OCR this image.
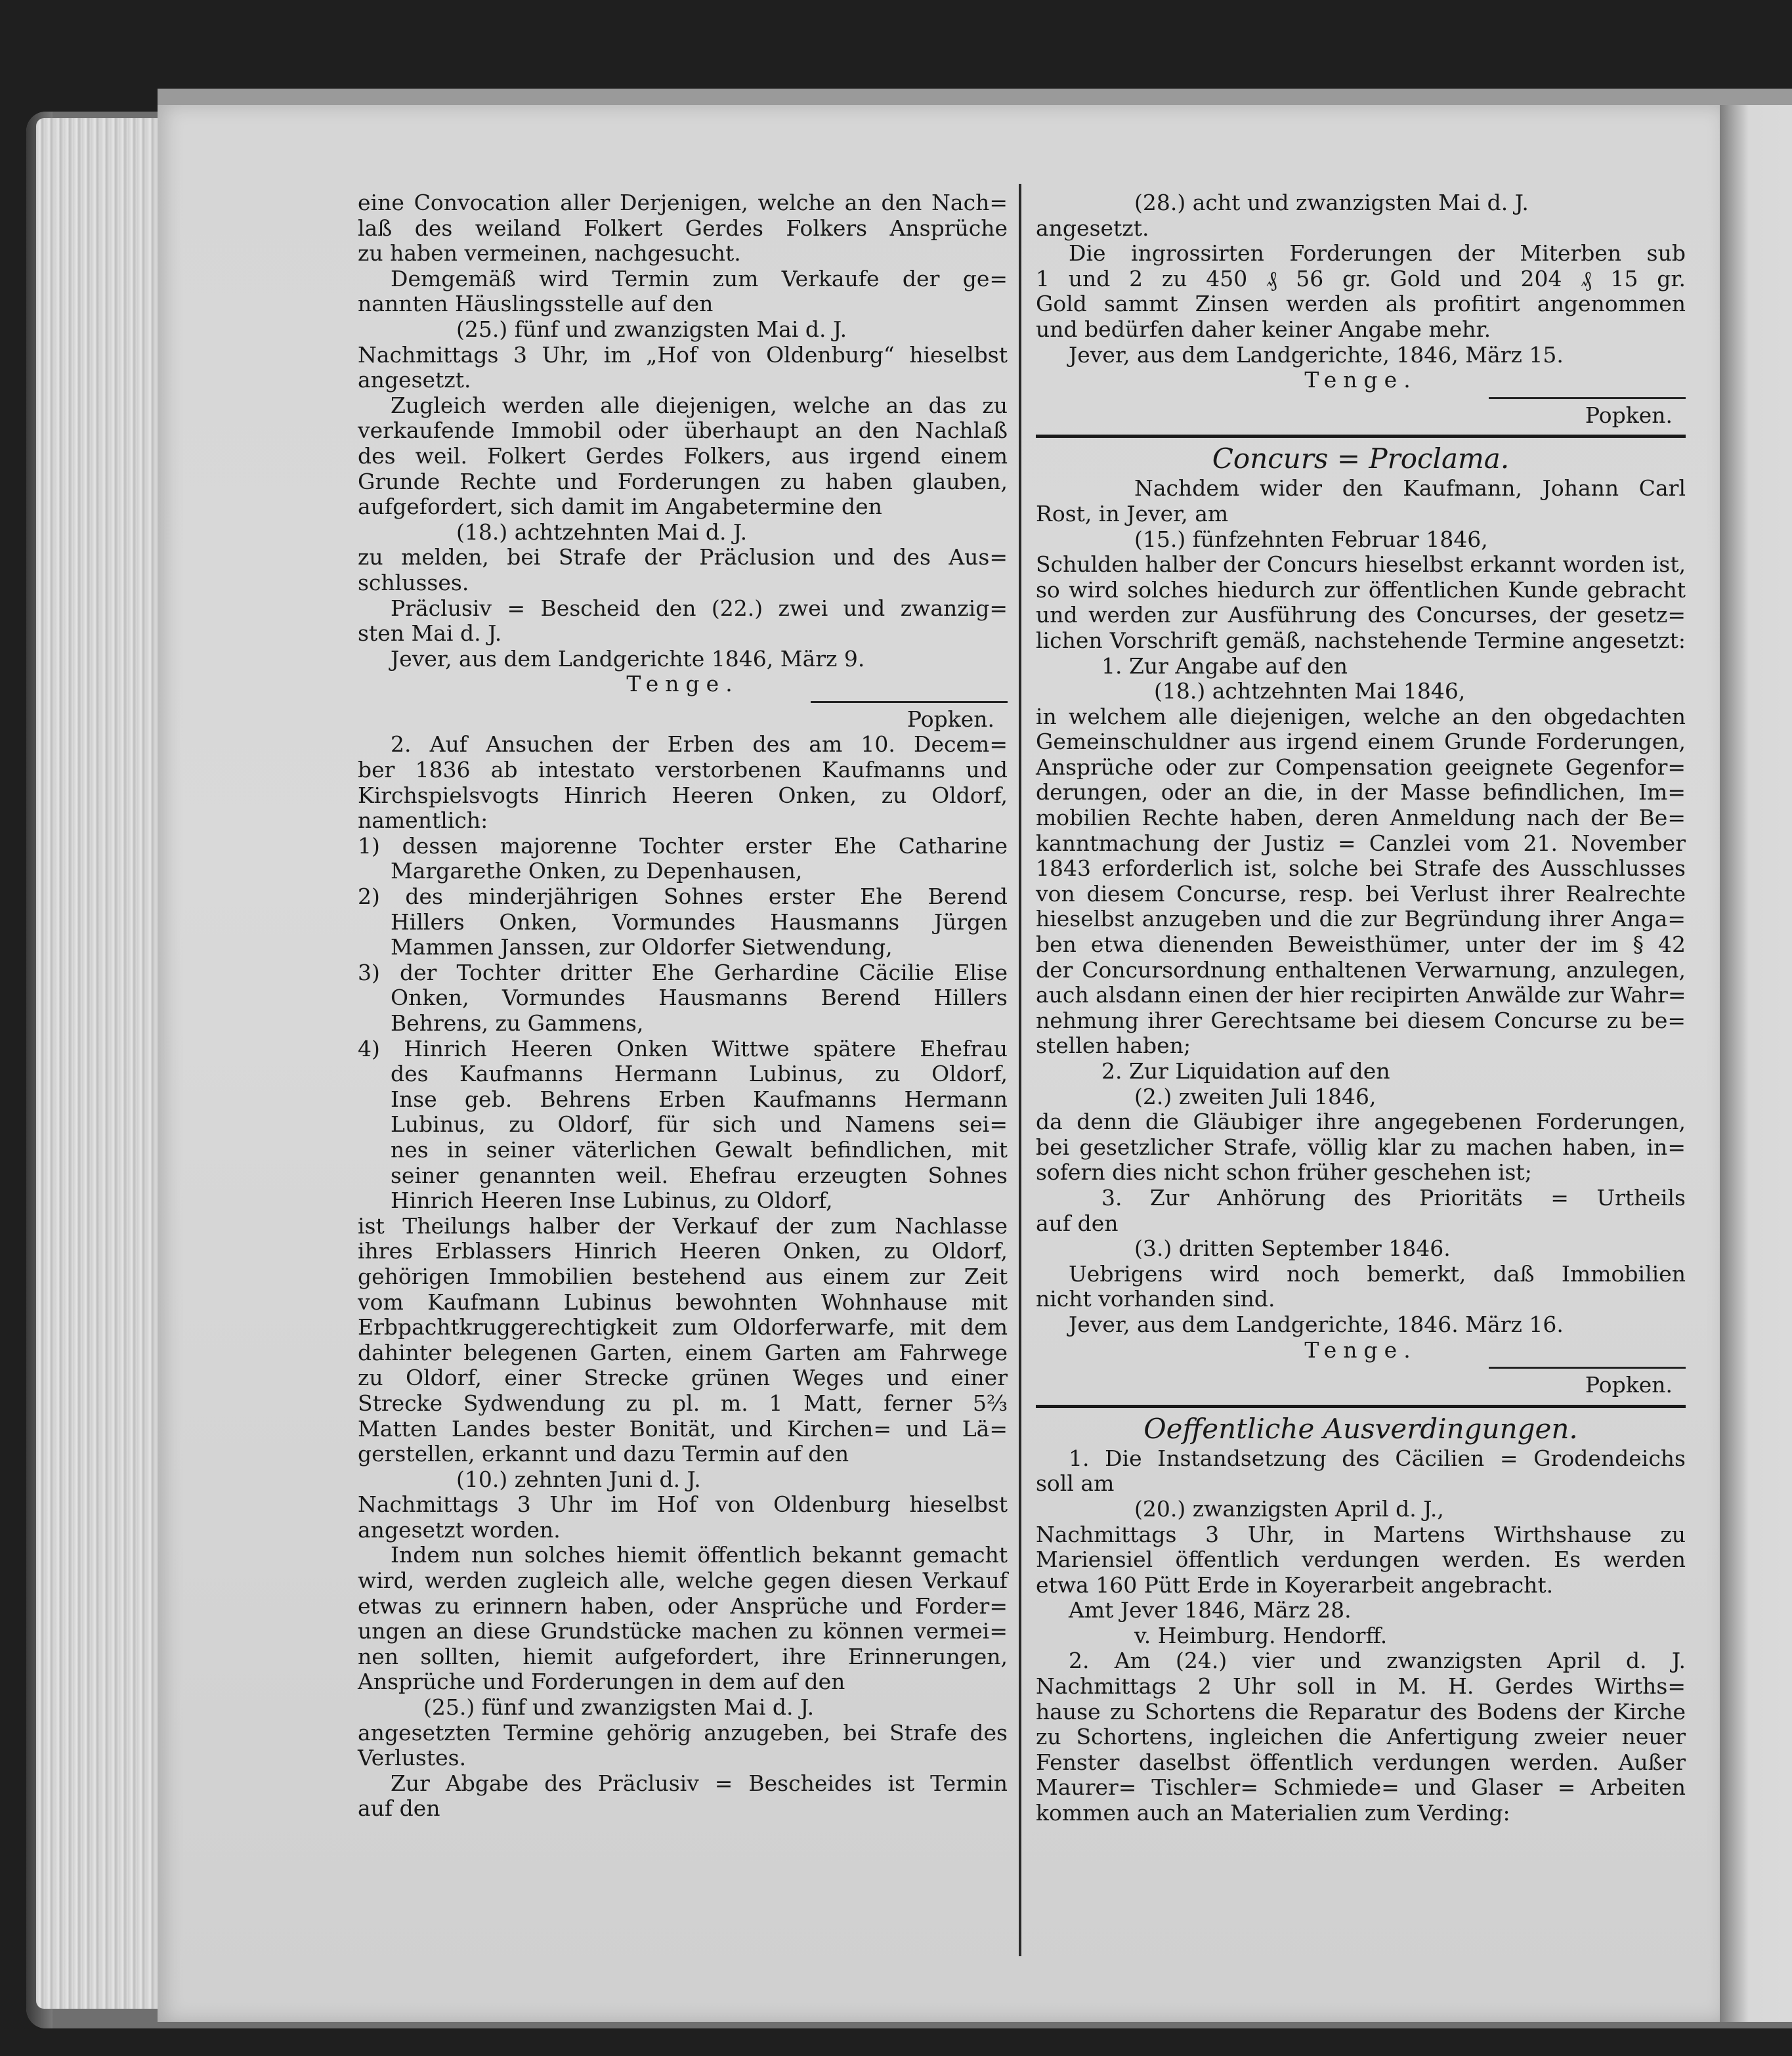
eine Convocation aller Derjenigen, welche an den Nach=
laß des weiland Folkert Gerdes Folkers Ansprüche
zu haben vermeinen, nachgesucht.
Demgemäß wird Termin zum Verkaufe der ge=
nannten Häuslingsstelle auf den
(25.) fünf und zwanzigsten Mai d. J.
Nachmittags 3 Uhr, im „Hof von Oldenburg“ hieselbst
angesetzt.
Zugleich werden alle diejenigen, welche an das zu
verkaufende Immobil oder überhaupt an den Nachlaß
des weil. Folkert Gerdes Folkers, aus irgend einem
Grunde Rechte und Forderungen zu haben glauben,
aufgefordert, sich damit im Angabetermine den
(18.) achtzehnten Mai d. J.
zu melden, bei Strafe der Präclusion und des Aus=
schlusses.
Präclusiv = Bescheid den (22.) zwei und zwanzig=
sten Mai d. J.
Jever, aus dem Landgerichte 1846, März 9.
Tenge.
Popken.
2. Auf Ansuchen der Erben des am 10. Decem=
ber 1836 ab intestato verstorbenen Kaufmanns und
Kirchspielsvogts Hinrich Heeren Onken, zu Oldorf,
namentlich:
1) dessen majorenne Tochter erster Ehe Catharine
Margarethe Onken, zu Depenhausen,
2) des minderjährigen Sohnes erster Ehe Berend
Hillers Onken, Vormundes Hausmanns Jürgen
Mammen Janssen, zur Oldorfer Sietwendung,
3) der Tochter dritter Ehe Gerhardine Cäcilie Elise
Onken, Vormundes Hausmanns Berend Hillers
Behrens, zu Gammens,
4) Hinrich Heeren Onken Wittwe spätere Ehefrau
des Kaufmanns Hermann Lubinus, zu Oldorf,
Inse geb. Behrens Erben Kaufmanns Hermann
Lubinus, zu Oldorf, für sich und Namens sei=
nes in seiner väterlichen Gewalt befindlichen, mit
seiner genannten weil. Ehefrau erzeugten Sohnes
Hinrich Heeren Inse Lubinus, zu Oldorf,
ist Theilungs halber der Verkauf der zum Nachlasse
ihres Erblassers Hinrich Heeren Onken, zu Oldorf,
gehörigen Immobilien bestehend aus einem zur Zeit
vom Kaufmann Lubinus bewohnten Wohnhause mit
Erbpachtkruggerechtigkeit zum Oldorferwarfe, mit dem
dahinter belegenen Garten, einem Garten am Fahrwege
zu Oldorf, einer Strecke grünen Weges und einer
Strecke Sydwendung zu pl. m. 1 Matt, ferner 5⅔
Matten Landes bester Bonität, und Kirchen= und Lä=
gerstellen, erkannt und dazu Termin auf den
(10.) zehnten Juni d. J.
Nachmittags 3 Uhr im Hof von Oldenburg hieselbst
angesetzt worden.
Indem nun solches hiemit öffentlich bekannt gemacht
wird, werden zugleich alle, welche gegen diesen Verkauf
etwas zu erinnern haben, oder Ansprüche und Forder=
ungen an diese Grundstücke machen zu können vermei=
nen sollten, hiemit aufgefordert, ihre Erinnerungen,
Ansprüche und Forderungen in dem auf den
(25.) fünf und zwanzigsten Mai d. J.
angesetzten Termine gehörig anzugeben, bei Strafe des
Verlustes.
Zur Abgabe des Präclusiv = Bescheides ist Termin
auf den
(28.) acht und zwanzigsten Mai d. J.
angesetzt.
Die ingrossirten Forderungen der Miterben sub
1 und 2 zu 450 ₰ 56 gr. Gold und 204 ₰ 15 gr.
Gold sammt Zinsen werden als profitirt angenommen
und bedürfen daher keiner Angabe mehr.
Jever, aus dem Landgerichte, 1846, März 15.
Tenge.
Popken.
Concurs = Proclama.
Nachdem wider den Kaufmann, Johann Carl
Rost, in Jever, am
(15.) fünfzehnten Februar 1846,
Schulden halber der Concurs hieselbst erkannt worden ist,
so wird solches hiedurch zur öffentlichen Kunde gebracht
und werden zur Ausführung des Concurses, der gesetz=
lichen Vorschrift gemäß, nachstehende Termine angesetzt:
1. Zur Angabe auf den
(18.) achtzehnten Mai 1846,
in welchem alle diejenigen, welche an den obgedachten
Gemeinschuldner aus irgend einem Grunde Forderungen,
Ansprüche oder zur Compensation geeignete Gegenfor=
derungen, oder an die, in der Masse befindlichen, Im=
mobilien Rechte haben, deren Anmeldung nach der Be=
kanntmachung der Justiz = Canzlei vom 21. November
1843 erforderlich ist, solche bei Strafe des Ausschlusses
von diesem Concurse, resp. bei Verlust ihrer Realrechte
hieselbst anzugeben und die zur Begründung ihrer Anga=
ben etwa dienenden Beweisthümer, unter der im § 42
der Concursordnung enthaltenen Verwarnung, anzulegen,
auch alsdann einen der hier recipirten Anwälde zur Wahr=
nehmung ihrer Gerechtsame bei diesem Concurse zu be=
stellen haben;
2. Zur Liquidation auf den
(2.) zweiten Juli 1846,
da denn die Gläubiger ihre angegebenen Forderungen,
bei gesetzlicher Strafe, völlig klar zu machen haben, in=
sofern dies nicht schon früher geschehen ist;
3. Zur Anhörung des Prioritäts = Urtheils
auf den
(3.) dritten September 1846.
Uebrigens wird noch bemerkt, daß Immobilien
nicht vorhanden sind.
Jever, aus dem Landgerichte, 1846. März 16.
Tenge.
Popken.
Oeffentliche Ausverdingungen.
1. Die Instandsetzung des Cäcilien = Grodendeichs
soll am
(20.) zwanzigsten April d. J.,
Nachmittags 3 Uhr, in Martens Wirthshause zu
Mariensiel öffentlich verdungen werden. Es werden
etwa 160 Pütt Erde in Koyerarbeit angebracht.
Amt Jever 1846, März 28.
v. Heimburg. Hendorff.
2. Am (24.) vier und zwanzigsten April d. J.
Nachmittags 2 Uhr soll in M. H. Gerdes Wirths=
hause zu Schortens die Reparatur des Bodens der Kirche
zu Schortens, ingleichen die Anfertigung zweier neuer
Fenster daselbst öffentlich verdungen werden. Außer
Maurer= Tischler= Schmiede= und Glaser = Arbeiten
kommen auch an Materialien zum Verding:
